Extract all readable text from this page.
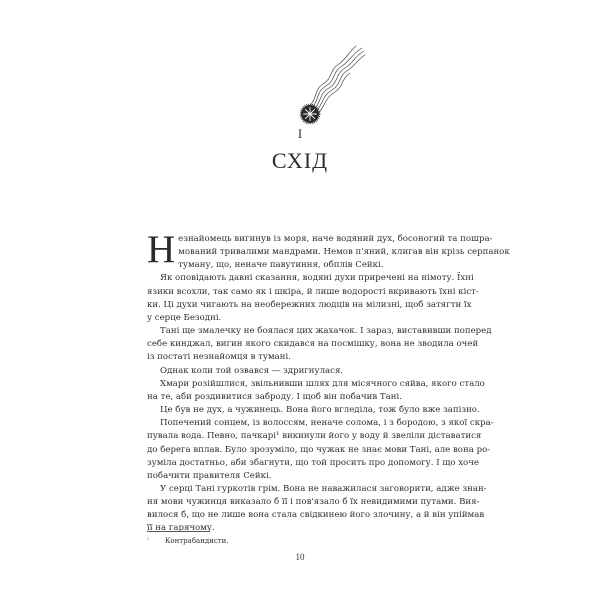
I
СХІД

Н езнайомець вигинув із моря, наче водяний дух, босоногий та пошра-
мований тривалими мандрами. Немов п'яний, клигав він крізь серпанок
туману, що, неначе павутиння, обплів Сейкі.

Як оповідають давні сказання, водяні духи приречені на німоту. Їхні
язики всохли, так само як і шкіра, й лише водорості вкривають їхні кіст-
ки. Ці духи чигають на необережних людців на мілизні, щоб затягти їх
у серце Безодні.

Тані ще змалечку не боялася цих жахачок. І зараз, виставивши поперед
себе кинджал, вигин якого скидався на посмішку, вона не зводила очей
із постаті незнайомця в тумані.

Однак коли той озвався — здригнулася.

Хмари розійшлися, звільнивши шлях для місячного сяйва, якого стало
на те, аби роздивитися заброду. І щоб він побачив Тані.

Це був не дух, а чужинець. Вона його вгледіла, тож було вже запізно.

Попечений сонцем, із волоссям, неначе солома, і з бородою, з якої скра-
пувала вода. Певно, пачкарі¹ викинули його у воду й звеліли діставатися
до берега вплав. Було зрозуміло, що чужак не знає мови Тані, але вона ро-
зуміла достатньо, аби збагнути, що той просить про допомогу. І що хоче
побачити правителя Сейкі.

У серці Тані гуркотів грім. Вона не наважилася заговорити, адже знан-
ня мови чужинця виказало б її і пов'язало б їх невидимими путами. Вия-
вилося б, що не лише вона стала свідкинею його злочину, а й він упіймав
її на гарячому.

¹ Контрабандисти.
10
